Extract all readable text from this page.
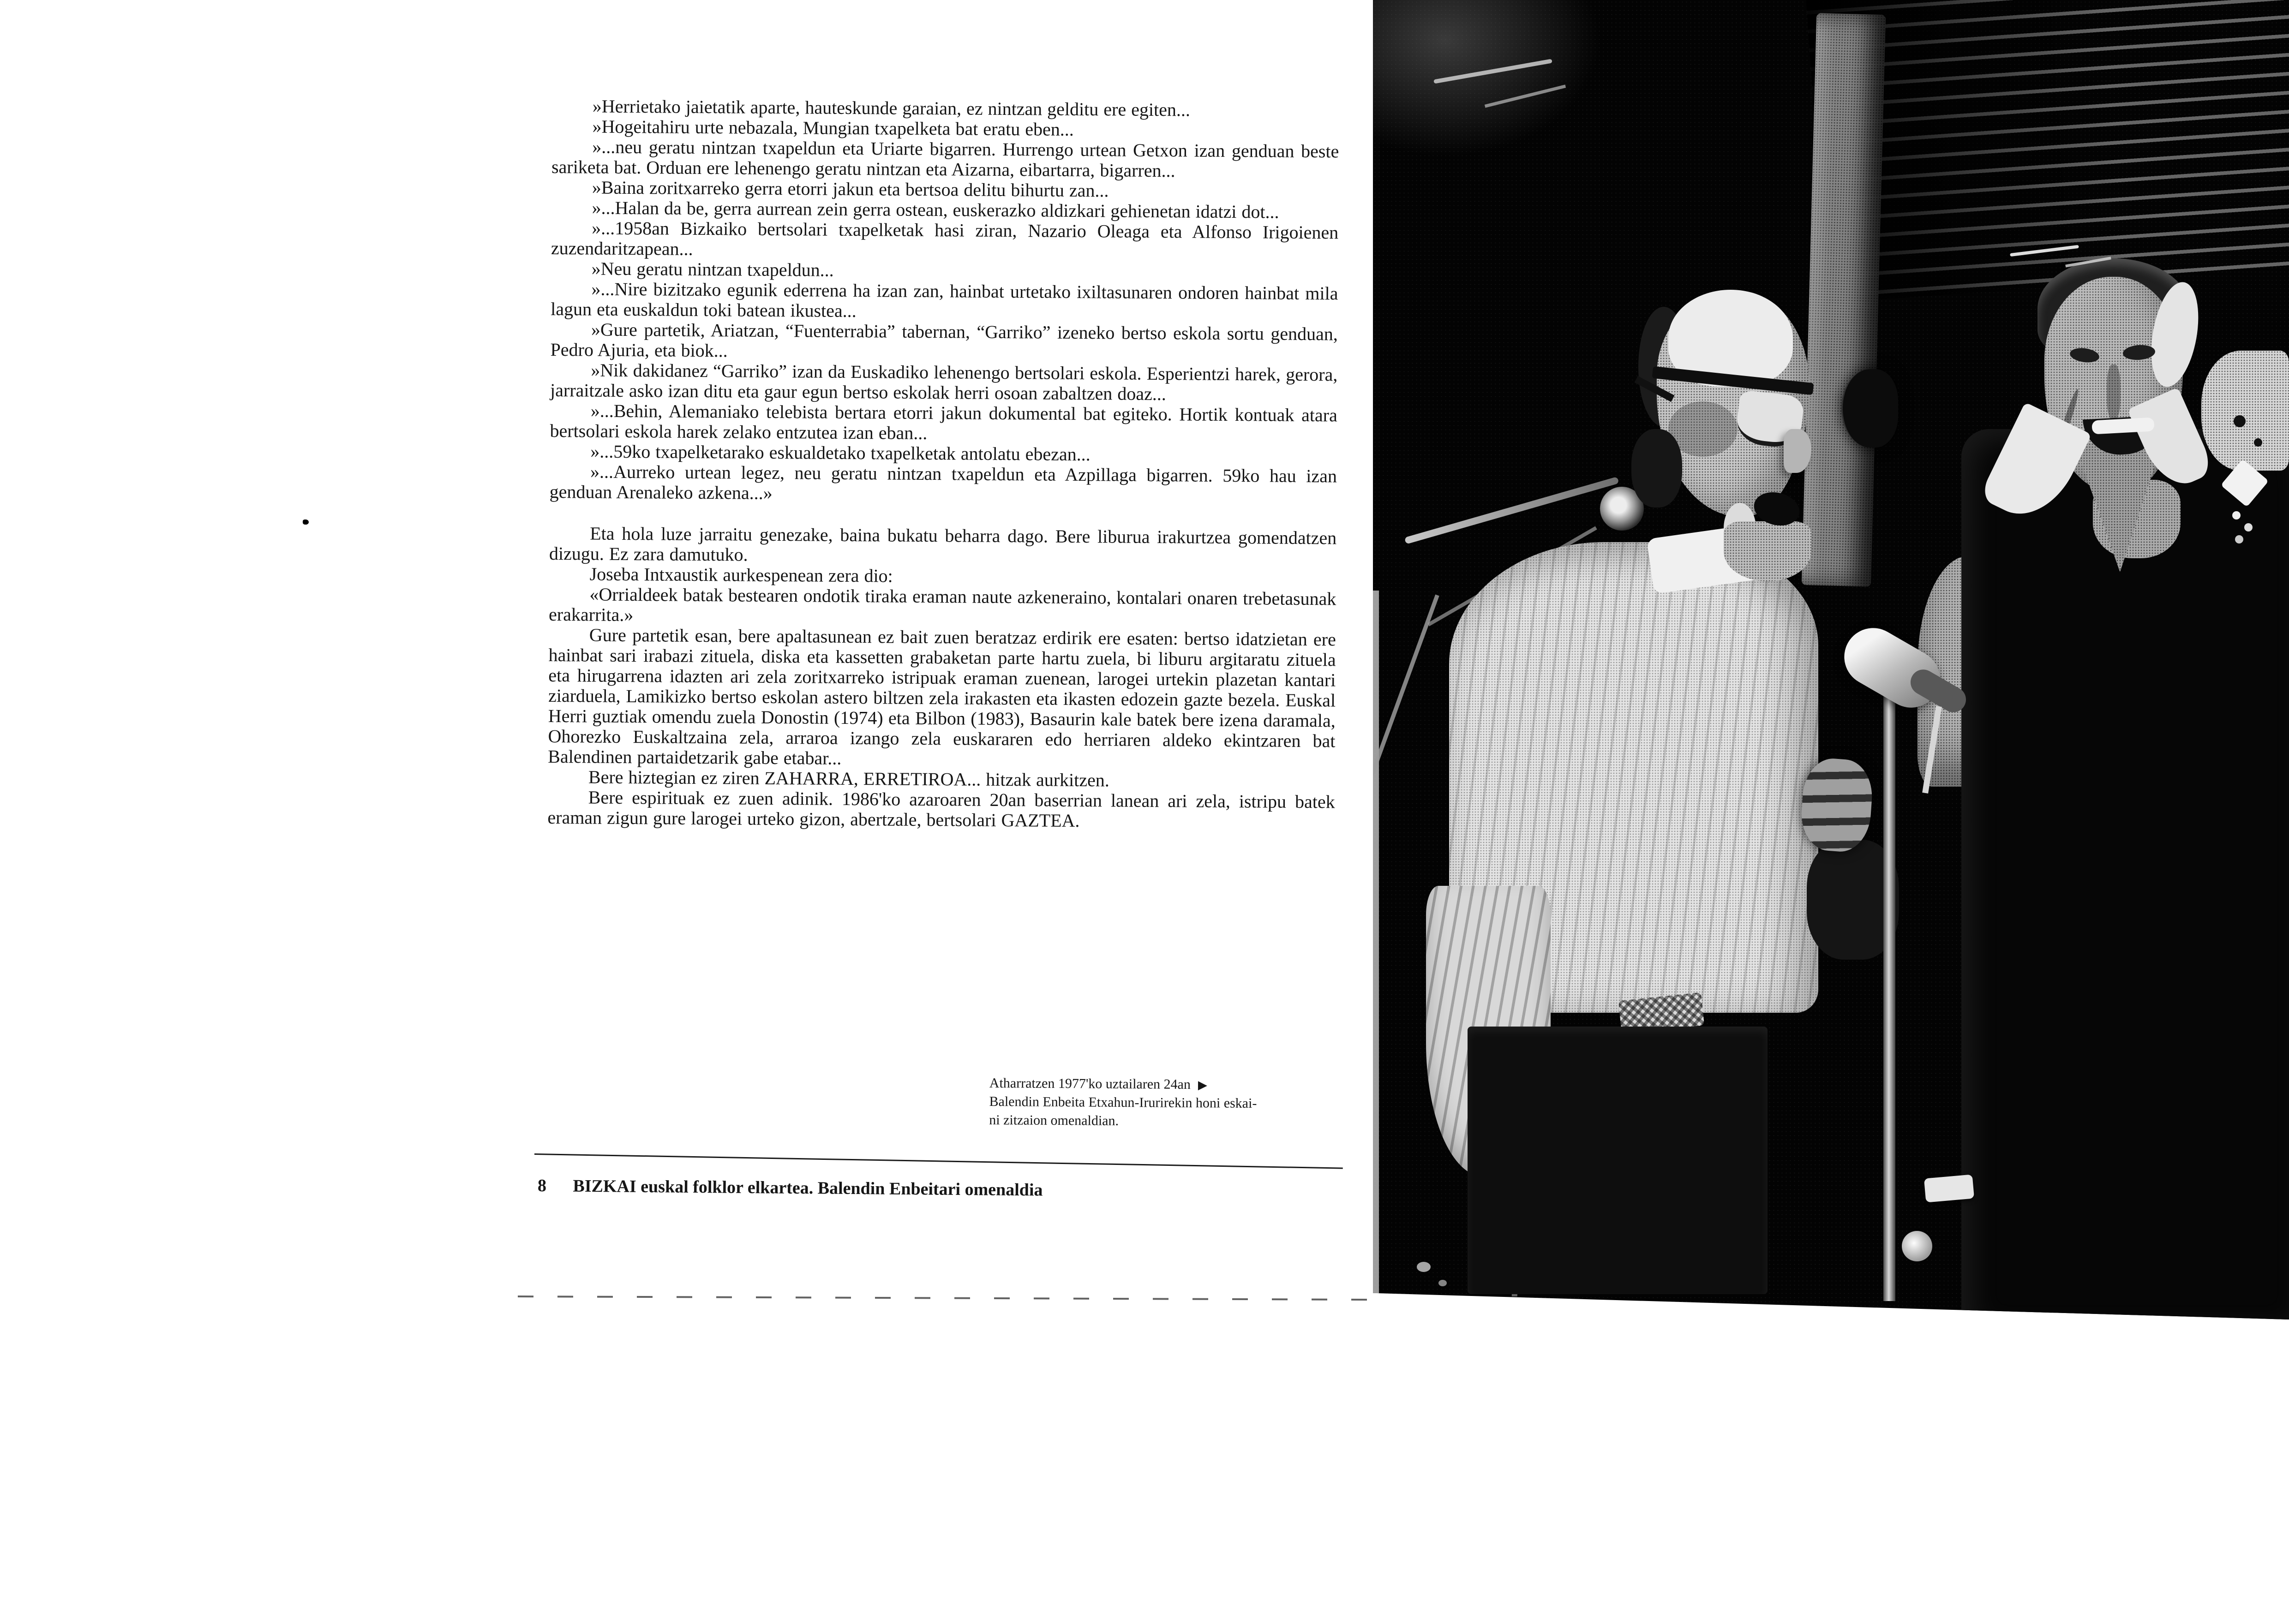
»Herrietako jaietatik aparte, hauteskunde garaian, ez nintzan gelditu ere egiten...

»Hogeitahiru urte nebazala, Mungian txapelketa bat eratu eben...

»...neu geratu nintzan txapeldun eta Uriarte bigarren. Hurrengo urtean Getxon izan genduan beste sariketa bat. Orduan ere lehenengo geratu nintzan eta Aizarna, eibartarra, bigarren...

»Baina zoritxarreko gerra etorri jakun eta bertsoa delitu bihurtu zan...

»...Halan da be, gerra aurrean zein gerra ostean, euskerazko aldizkari gehienetan idatzi dot...

»...1958an Bizkaiko bertsolari txapelketak hasi ziran, Nazario Oleaga eta Alfonso Irigoienen zuzendaritzapean...

»Neu geratu nintzan txapeldun...

»...Nire bizitzako egunik ederrena ha izan zan, hainbat urtetako ixiltasunaren ondoren hainbat mila lagun eta euskaldun toki batean ikustea...

»Gure partetik, Ariatzan, “Fuenterrabia” tabernan, “Garriko” izeneko bertso eskola sortu genduan, Pedro Ajuria, eta biok...

»Nik dakidanez “Garriko” izan da Euskadiko lehenengo bertsolari eskola. Esperientzi harek, gerora, jarraitzale asko izan ditu eta gaur egun bertso eskolak herri osoan zabaltzen doaz...

»...Behin, Alemaniako telebista bertara etorri jakun dokumental bat egiteko. Hortik kontuak atara bertsolari eskola harek zelako entzutea izan eban...

»...59ko txapelketarako eskualdetako txapelketak antolatu ebezan...

»...Aurreko urtean legez, neu geratu nintzan txapeldun eta Azpillaga bigarren. 59ko hau izan genduan Arenaleko azkena...»

Eta hola luze jarraitu genezake, baina bukatu beharra dago. Bere liburua irakurtzea gomendatzen dizugu. Ez zara damutuko.

Joseba Intxaustik aurkespenean zera dio:

«Orrialdeek batak bestearen ondotik tiraka eraman naute azkeneraino, kontalari onaren trebetasunak erakarrita.»

Gure partetik esan, bere apaltasunean ez bait zuen beratzaz erdirik ere esaten: bertso idatzietan ere hainbat sari irabazi zituela, diska eta kassetten grabaketan parte hartu zuela, bi liburu argitaratu zituela eta hirugarrena idazten ari zela zoritxarreko istripuak eraman zuenean, larogei urtekin plazetan kantari ziarduela, Lamikizko bertso eskolan astero biltzen zela irakasten eta ikasten edozein gazte bezela. Euskal Herri guztiak omendu zuela Donostin (1974) eta Bilbon (1983), Basaurin kale batek bere izena daramala, Ohorezko Euskaltzaina zela, arraroa izango zela euskararen edo herriaren aldeko ekintzaren bat Balendinen partaidetzarik gabe etabar...

Bere hiztegian ez ziren ZAHARRA, ERRETIROA... hitzak aurkitzen.

Bere espirituak ez zuen adinik. 1986'ko azaroaren 20an baserrian lanean ari zela, istripu batek eraman zigun gure larogei urteko gizon, abertzale, bertsolari GAZTEA.

Atharratzen 1977'ko uztailaren 24an ▶
Balendin Enbeita Etxahun-Irurirekin honi eskai-
ni zitzaion omenaldian.
8 BIZKAI euskal folklor elkartea. Balendin Enbeitari omenaldia
